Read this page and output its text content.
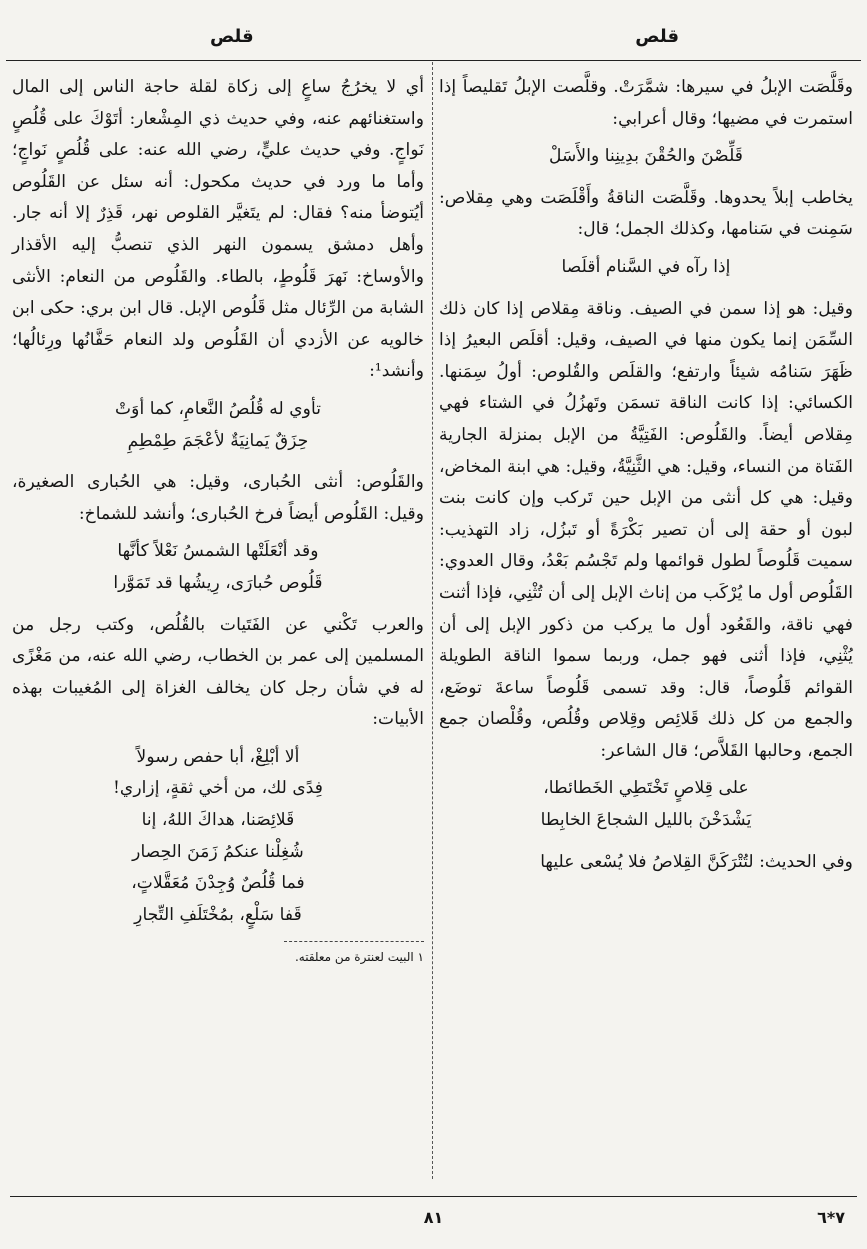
قلص
قلص

وقَلَّصَت الإبلُ في سيرها: شمَّرَتْ. وقلَّصت الإبلُ تَقليصاً إذا استمرت في مضيها؛ وقال أعرابي:

قَلِّصْنَ والحُقْنَ بدِينِنا والأَسَلْ

يخاطب إبلاً يحدوها. وقَلَّصَت الناقةُ وأَقْلَصَت وهي مِقلاص: سَمِنت في سَنامها، وكذلك الجمل؛ قال:

إذا رآه في السَّنام أقلَصا

وقيل: هو إذا سمن في الصيف. وناقة مِقلاص إذا كان ذلك السِّمَن إنما يكون منها في الصيف، وقيل: أقلَص البعيرُ إذا ظَهَرَ سَنامُه شيئاً وارتفع؛ والقلَص والقُلوص: أولُ سِمَنها. الكسائي: إذا كانت الناقة تسمَن وتَهزُلُ في الشتاء فهي مِقلاص أيضاً. والقَلُوص: الفَتِيَّةُ من الإبل بمنزلة الجارية الفَتاة من النساء، وقيل: هي الثَّنِيَّةُ، وقيل: هي ابنة المخاض، وقيل: هي كل أنثى من الإبل حين تَركب وإن كانت بنت لبون أو حقة إلى أن تصير بَكْرَةً أو تَبزُل، زاد التهذيب: سميت قَلُوصاً لطول قوائمها ولم تَجْسُم بَعْدُ، وقال العدوي: القَلُوص أول ما يُرْكَب من إناث الإبل إلى أن تُثْنِي، فإذا أثنت فهي ناقة، والقَعُود أول ما يركب من ذكور الإبل إلى أن يُثْنِي، فإذا أثنى فهو جمل، وربما سموا الناقة الطويلة القوائم قَلُوصاً، قال: وقد تسمى قَلُوصاً ساعةَ توضَع، والجمع من كل ذلك قَلائِص وقِلاص وقُلُص، وقُلْصان جمع الجمع، وحالبها القَلاَّص؛ قال الشاعر:

على قِلاصٍ تَخْتَطِي الخَطائطا،
يَشْدَخْنَ بالليل الشجاعَ الخابِطا

وفي الحديث: لتُتْرَكَنَّ القِلاصُ فلا يُسْعى عليها

أي لا يخرُجُ ساعٍ إلى زكاة لقلة حاجة الناس إلى المال واستغنائهم عنه، وفي حديث ذي المِشْعار: أتَوْكَ على قُلُصٍ نَواجٍ. وفي حديث عليٍّ، رضي الله عنه: على قُلُصٍ نَواجٍ؛ وأما ما ورد في حديث مكحول: أنه سئل عن القَلُوص أيُتوضأ منه؟ فقال: لم يتَغيَّر القلوص نهر، قَذِرٌ إلا أنه جار. وأهل دمشق يسمون النهر الذي تنصبُّ إليه الأقذار والأوساخ: نَهرَ قَلُوطٍ، بالطاء. والقَلُوص من النعام: الأنثى الشابة من الرِّئال مثل قَلُوص الإبل. قال ابن بري: حكى ابن خالويه عن الأزدي أن القَلُوص ولد النعام حَفَّانُها ورِئالُها؛ وأنشد¹:

تأوي له قُلُصُ النَّعامِ، كما أوَتْ
حِزَقٌ يَمانِيَةٌ لأعْجَمَ طِمْطِمِ

والقَلُوص: أنثى الحُبارى، وقيل: هي الحُبارى الصغيرة، وقيل: القَلُوص أيضاً فرخ الحُبارى؛ وأنشد للشماخ:

وقد أنْعَلَتْها الشمسُ نَعْلاً كأنَّها
قَلُوص حُبارَى، رِيشُها قد تَمَوَّرا

والعرب تَكْني عن الفَتَيات بالقُلُص، وكتب رجل من المسلمين إلى عمر بن الخطاب، رضي الله عنه، من مَغْزًى له في شأن رجل كان يخالف الغزاة إلى المُغيبات بهذه الأبيات:

ألا أبْلِغْ، أبا حفص رسولاً
فِدًى لك، من أخي ثقةٍ، إزاري!
قَلائِصَنا، هداكَ اللهُ، إنا
شُغِلْنا عنكمُ زَمَنَ الحِصار
فما قُلُصٌ وُجِدْنَ مُعَقَّلاتٍ،
قَفا سَلْعٍ، بمُخْتَلَفِ التِّجارِ

١ البيت لعنترة من معلقته.
٧*٦
٨١
